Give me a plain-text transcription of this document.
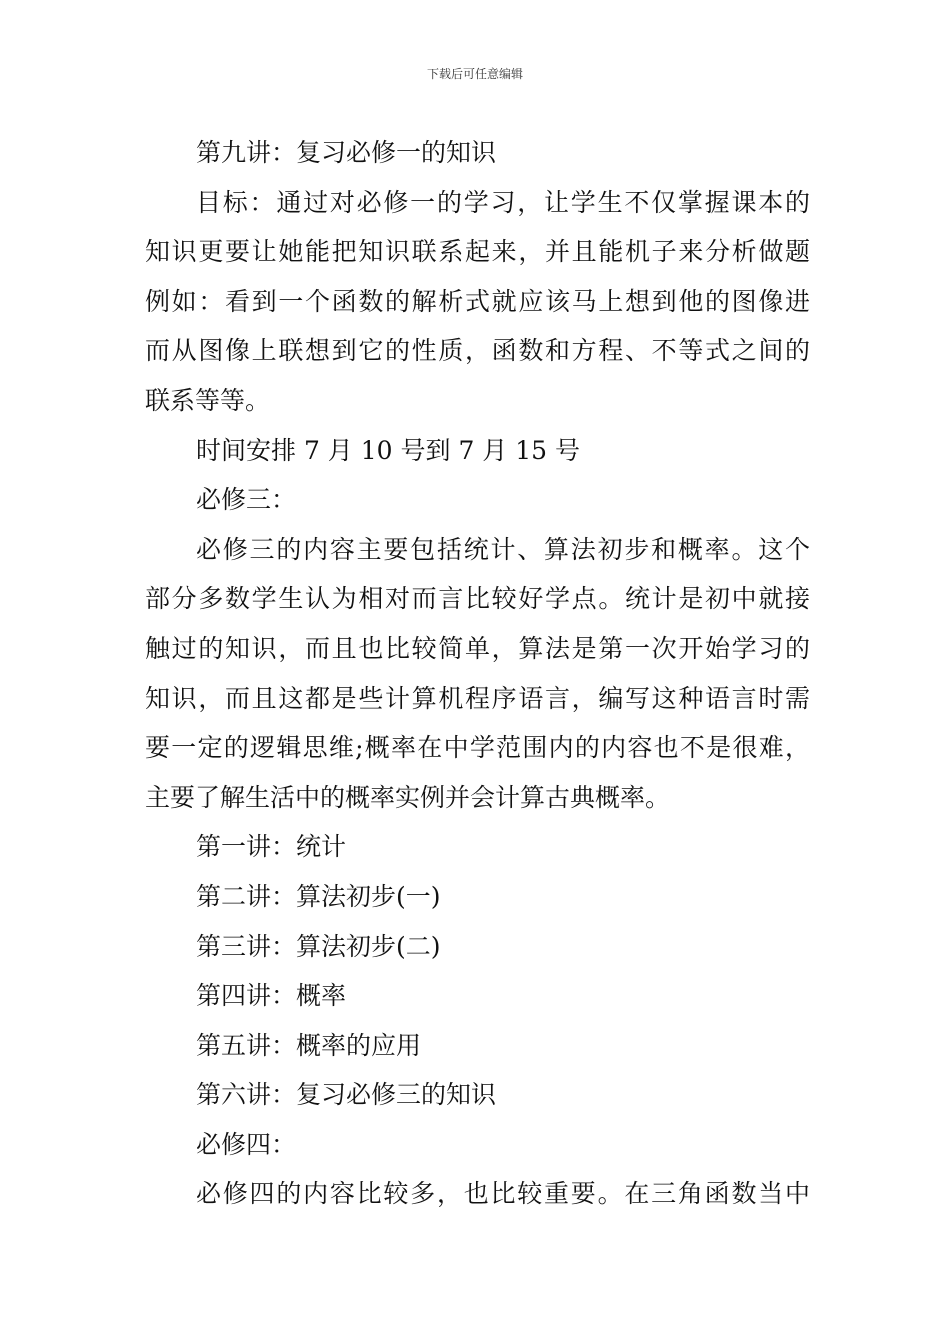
下载后可任意编辑
第九讲：复习必修一的知识
目标：通过对必修一的学习，让学生不仅掌握课本的
知识更要让她能把知识联系起来，并且能机子来分析做题
例如：看到一个函数的解析式就应该马上想到他的图像进
而从图像上联想到它的性质，函数和方程、不等式之间的
联系等等。
时间安排 7 月 10 号到 7 月 15 号
必修三：
必修三的内容主要包括统计、算法初步和概率。这个
部分多数学生认为相对而言比较好学点。统计是初中就接
触过的知识，而且也比较简单，算法是第一次开始学习的
知识，而且这都是些计算机程序语言，编写这种语言时需
要一定的逻辑思维;概率在中学范围内的内容也不是很难，
主要了解生活中的概率实例并会计算古典概率。
第一讲：统计
第二讲：算法初步(一)
第三讲：算法初步(二)
第四讲：概率
第五讲：概率的应用
第六讲：复习必修三的知识
必修四：
必修四的内容比较多，也比较重要。在三角函数当中
